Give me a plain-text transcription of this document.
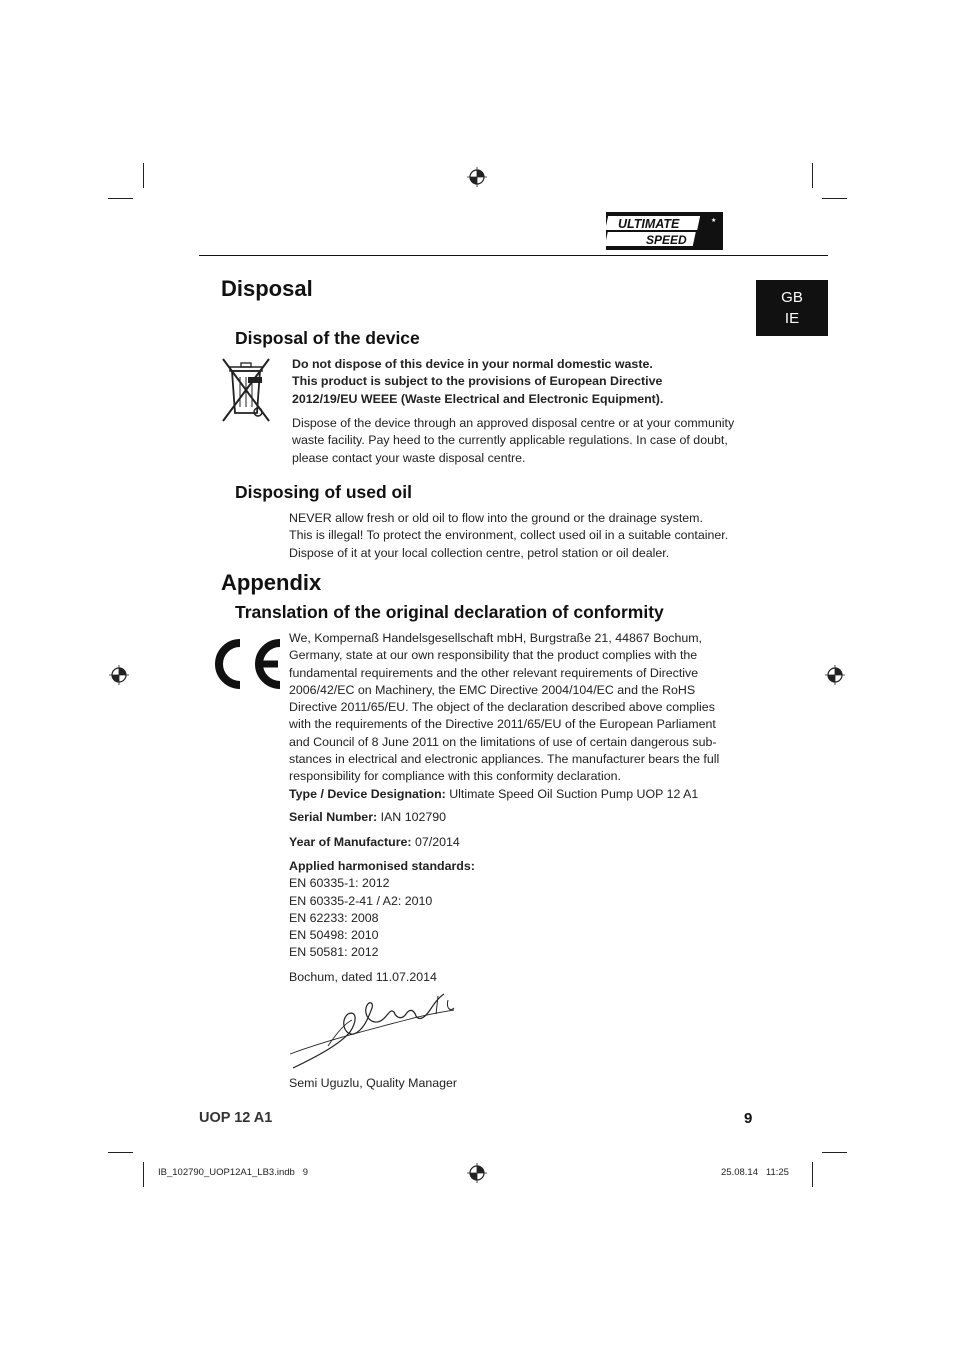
ULTIMATE
SPEED
★
GB
IE
Disposal
Disposal of the device
Do not dispose of this device in your normal domestic waste.
This product is subject to the provisions of European Directive
2012/19/EU WEEE (Waste Electrical and Electronic Equipment).
Dispose of the device through an approved disposal centre or at your community
waste facility. Pay heed to the currently applicable regulations. In case of doubt,
please contact your waste disposal centre.
Disposing of used oil
NEVER allow fresh or old oil to flow into the ground or the drainage system.
This is illegal! To protect the environment, collect used oil in a suitable container.
Dispose of it at your local collection centre, petrol station or oil dealer.
Appendix
Translation of the original declaration of conformity
We, Kompernaß Handelsgesellschaft mbH, Burgstraße 21, 44867 Bochum,
Germany, state at our own responsibility that the product complies with the
fundamental requirements and the other relevant requirements of Directive
2006/42/EC on Machinery, the EMC Directive 2004/104/EC and the RoHS
Directive 2011/65/EU. The object of the declaration described above complies
with the requirements of the Directive 2011/65/EU of the European Parliament
and Council of 8 June 2011 on the limitations of use of certain dangerous sub-
stances in electrical and electronic appliances. The manufacturer bears the full
responsibility for compliance with this conformity declaration.
Type / Device Designation: Ultimate Speed Oil Suction Pump UOP 12 A1
Serial Number: IAN 102790
Year of Manufacture: 07/2014
Applied harmonised standards:
EN 60335-1: 2012
EN 60335-2-41 / A2: 2010
EN 62233: 2008
EN 50498: 2010
EN 50581: 2012
Bochum, dated 11.07.2014
Semi Uguzlu, Quality Manager
UOP 12 A1	9
IB_102790_UOP12A1_LB3.indb   9	25.08.14   11:25
